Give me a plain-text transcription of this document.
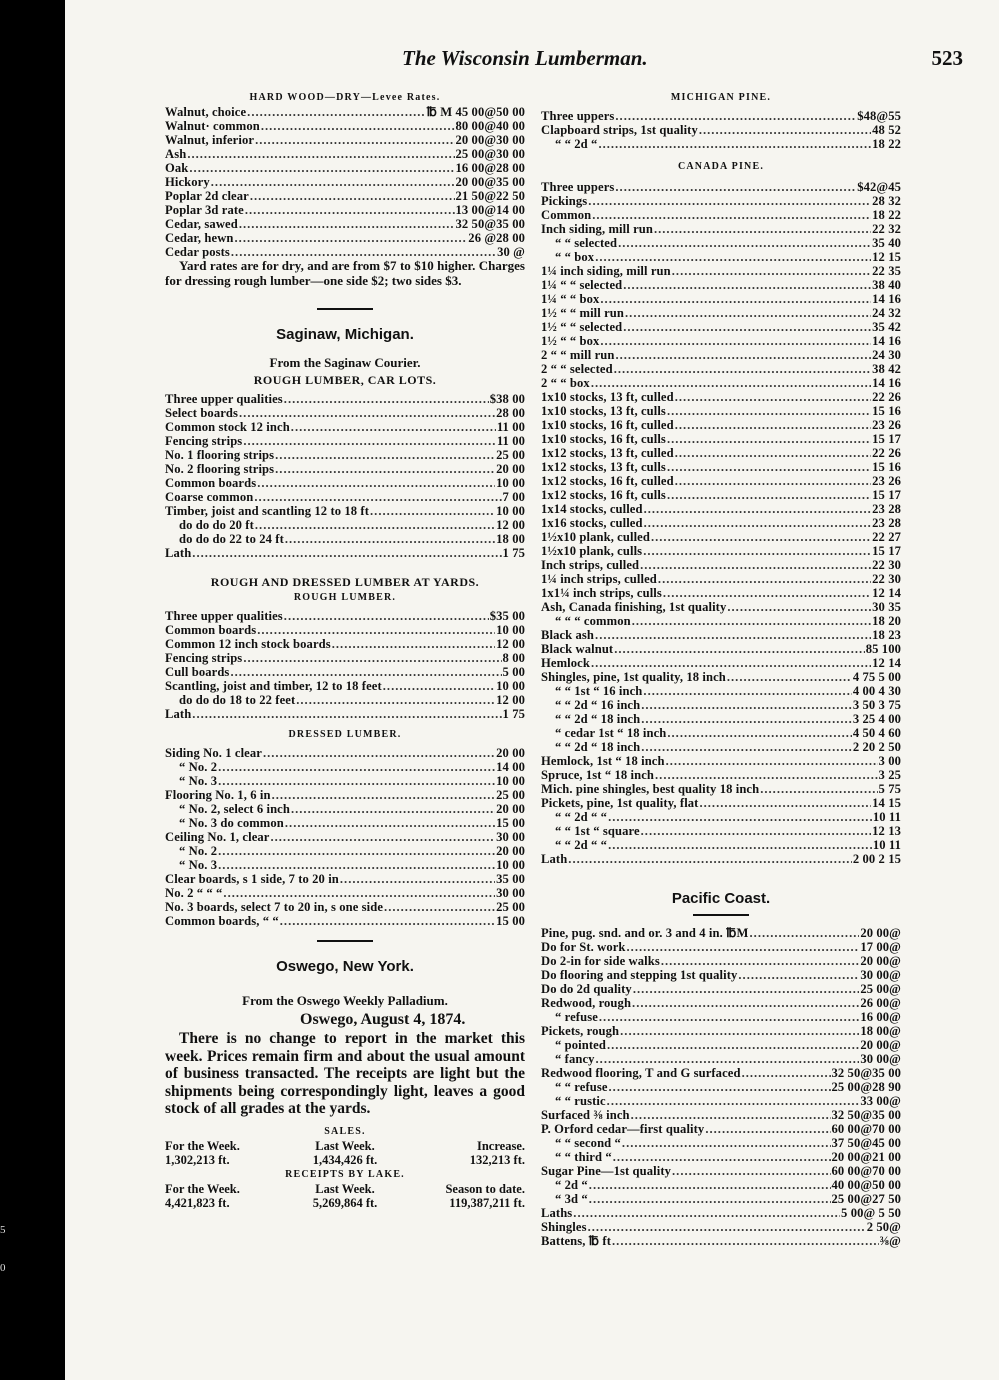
5
0
The Wisconsin Lumberman.	523
HARD WOOD—DRY—Levee Rates.
Walnut, choice .....	℔ M 45 00@50 00
Walnut· common .....	80 00@40 00
Walnut, inferior .....	20 00@30 00
Ash .....	25 00@30 00
Oak .....	16 00@28 00
Hickory .....	20 00@35 00
Poplar 2d clear .....	21 50@22 50
Poplar 3d rate .....	13 00@14 00
Cedar, sawed .....	32 50@35 00
Cedar, hewn .....	26 @28 00
Cedar posts .....	30 @
Yard rates are for dry, and are from $7 to $10 higher. Charges for dressing rough lumber—one side $2; two sides $3.
Saginaw, Michigan.
From the Saginaw Courier.
ROUGH LUMBER, CAR LOTS.
Three upper qualities .....	$38 00
Select boards .....	28 00
Common stock 12 inch .....	11 00
Fencing strips .....	11 00
No. 1 flooring strips .....	25 00
No. 2 flooring strips .....	20 00
Common boards .....	10 00
Coarse common .....	7 00
Timber, joist and scantling 12 to 18 ft .....	10 00
do do do 20 ft .....	12 00
do do do 22 to 24 ft .....	18 00
Lath .....	1 75
ROUGH AND DRESSED LUMBER AT YARDS.
ROUGH LUMBER.
Three upper qualities .....	$35 00
Common boards .....	10 00
Common 12 inch stock boards .....	12 00
Fencing strips .....	8 00
Cull boards .....	5 00
Scantling, joist and timber, 12 to 18 feet .....	10 00
do do do 18 to 22 feet .....	12 00
Lath .....	1 75
DRESSED LUMBER.
Siding No. 1 clear .....	20 00
“ No. 2 .....	14 00
“ No. 3 .....	10 00
Flooring No. 1, 6 in .....	25 00
“ No. 2, select 6 inch .....	20 00
“ No. 3 do common .....	15 00
Ceiling No. 1, clear .....	30 00
“ No. 2 .....	20 00
“ No. 3 .....	10 00
Clear boards, s 1 side, 7 to 20 in .....	35 00
No. 2 “ “ “ .....	30 00
No. 3 boards, select 7 to 20 in, s one side .....	25 00
Common boards, “ “ .....	15 00
Oswego, New York.
From the Oswego Weekly Palladium.
Oswego, August 4, 1874.
There is no change to report in the market this week. Prices remain firm and about the usual amount of business transacted. The receipts are light but the shipments being correspondingly light, leaves a good stock of all grades at the yards.
SALES.
For the Week.	Last Week.	Increase.
1,302,213 ft.	1,434,426 ft.	132,213 ft.
RECEIPTS BY LAKE.
For the Week.	Last Week.	Season to date.
4,421,823 ft.	5,269,864 ft.	119,387,211 ft.
MICHIGAN PINE.
Three uppers .....	$48@55
Clapboard strips, 1st quality .....	48 52
“ “ 2d “ .....	18 22
CANADA PINE.
Three uppers .....	$42@45
Pickings .....	28 32
Common .....	18 22
Inch siding, mill run .....	22 32
“ “ selected .....	35 40
“ “ box .....	12 15
1¼ inch siding, mill run .....	22 35
1¼ “ “ selected .....	38 40
1¼ “ “ box .....	14 16
1½ “ “ mill run .....	24 32
1½ “ “ selected .....	35 42
1½ “ “ box .....	14 16
2 “ “ mill run .....	24 30
2 “ “ selected .....	38 42
2 “ “ box .....	14 16
1x10 stocks, 13 ft, culled .....	22 26
1x10 stocks, 13 ft, culls .....	15 16
1x10 stocks, 16 ft, culled .....	23 26
1x10 stocks, 16 ft, culls .....	15 17
1x12 stocks, 13 ft, culled .....	22 26
1x12 stocks, 13 ft, culls .....	15 16
1x12 stocks, 16 ft, culled .....	23 26
1x12 stocks, 16 ft, culls .....	15 17
1x14 stocks, culled .....	23 28
1x16 stocks, culled .....	23 28
1½x10 plank, culled .....	22 27
1½x10 plank, culls .....	15 17
Inch strips, culled .....	22 30
1¼ inch strips, culled .....	22 30
1x1¼ inch strips, culls .....	12 14
Ash, Canada finishing, 1st quality .....	30 35
“ “ “ common .....	18 20
Black ash .....	18 23
Black walnut .....	85 100
Hemlock .....	12 14
Shingles, pine, 1st quality, 18 inch .....	4 75 5 00
“ “ 1st “ 16 inch .....	4 00 4 30
“ “ 2d “ 16 inch .....	3 50 3 75
“ “ 2d “ 18 inch .....	3 25 4 00
“ cedar 1st “ 18 inch .....	4 50 4 60
“ “ 2d “ 18 inch .....	2 20 2 50
Hemlock, 1st “ 18 inch .....	3 00
Spruce, 1st “ 18 inch .....	3 25
Mich. pine shingles, best quality 18 inch .....	5 75
Pickets, pine, 1st quality, flat .....	14 15
“ “ 2d “ “ .....	10 11
“ “ 1st “ square .....	12 13
“ “ 2d “ “ .....	10 11
Lath .....	2 00 2 15
Pacific Coast.
Pine, pug. snd. and or. 3 and 4 in. ℔M .....	20 00@
Do for St. work .....	17 00@
Do 2-in for side walks .....	20 00@
Do flooring and stepping 1st quality .....	30 00@
Do do 2d quality .....	25 00@
Redwood, rough .....	26 00@
“ refuse .....	16 00@
Pickets, rough .....	18 00@
“ pointed .....	20 00@
“ fancy .....	30 00@
Redwood flooring, T and G surfaced .....	32 50@35 00
“ “ refuse .....	25 00@28 90
“ “ rustic .....	33 00@
Surfaced ⅜ inch .....	32 50@35 00
P. Orford cedar—first quality .....	60 00@70 00
“ “ second “ .....	37 50@45 00
“ “ third “ .....	20 00@21 00
Sugar Pine—1st quality .....	60 00@70 00
“ 2d “ .....	40 00@50 00
“ 3d “ .....	25 00@27 50
Laths .....	5 00@ 5 50
Shingles .....	2 50@
Battens, ℔ ft .....	⅜@
